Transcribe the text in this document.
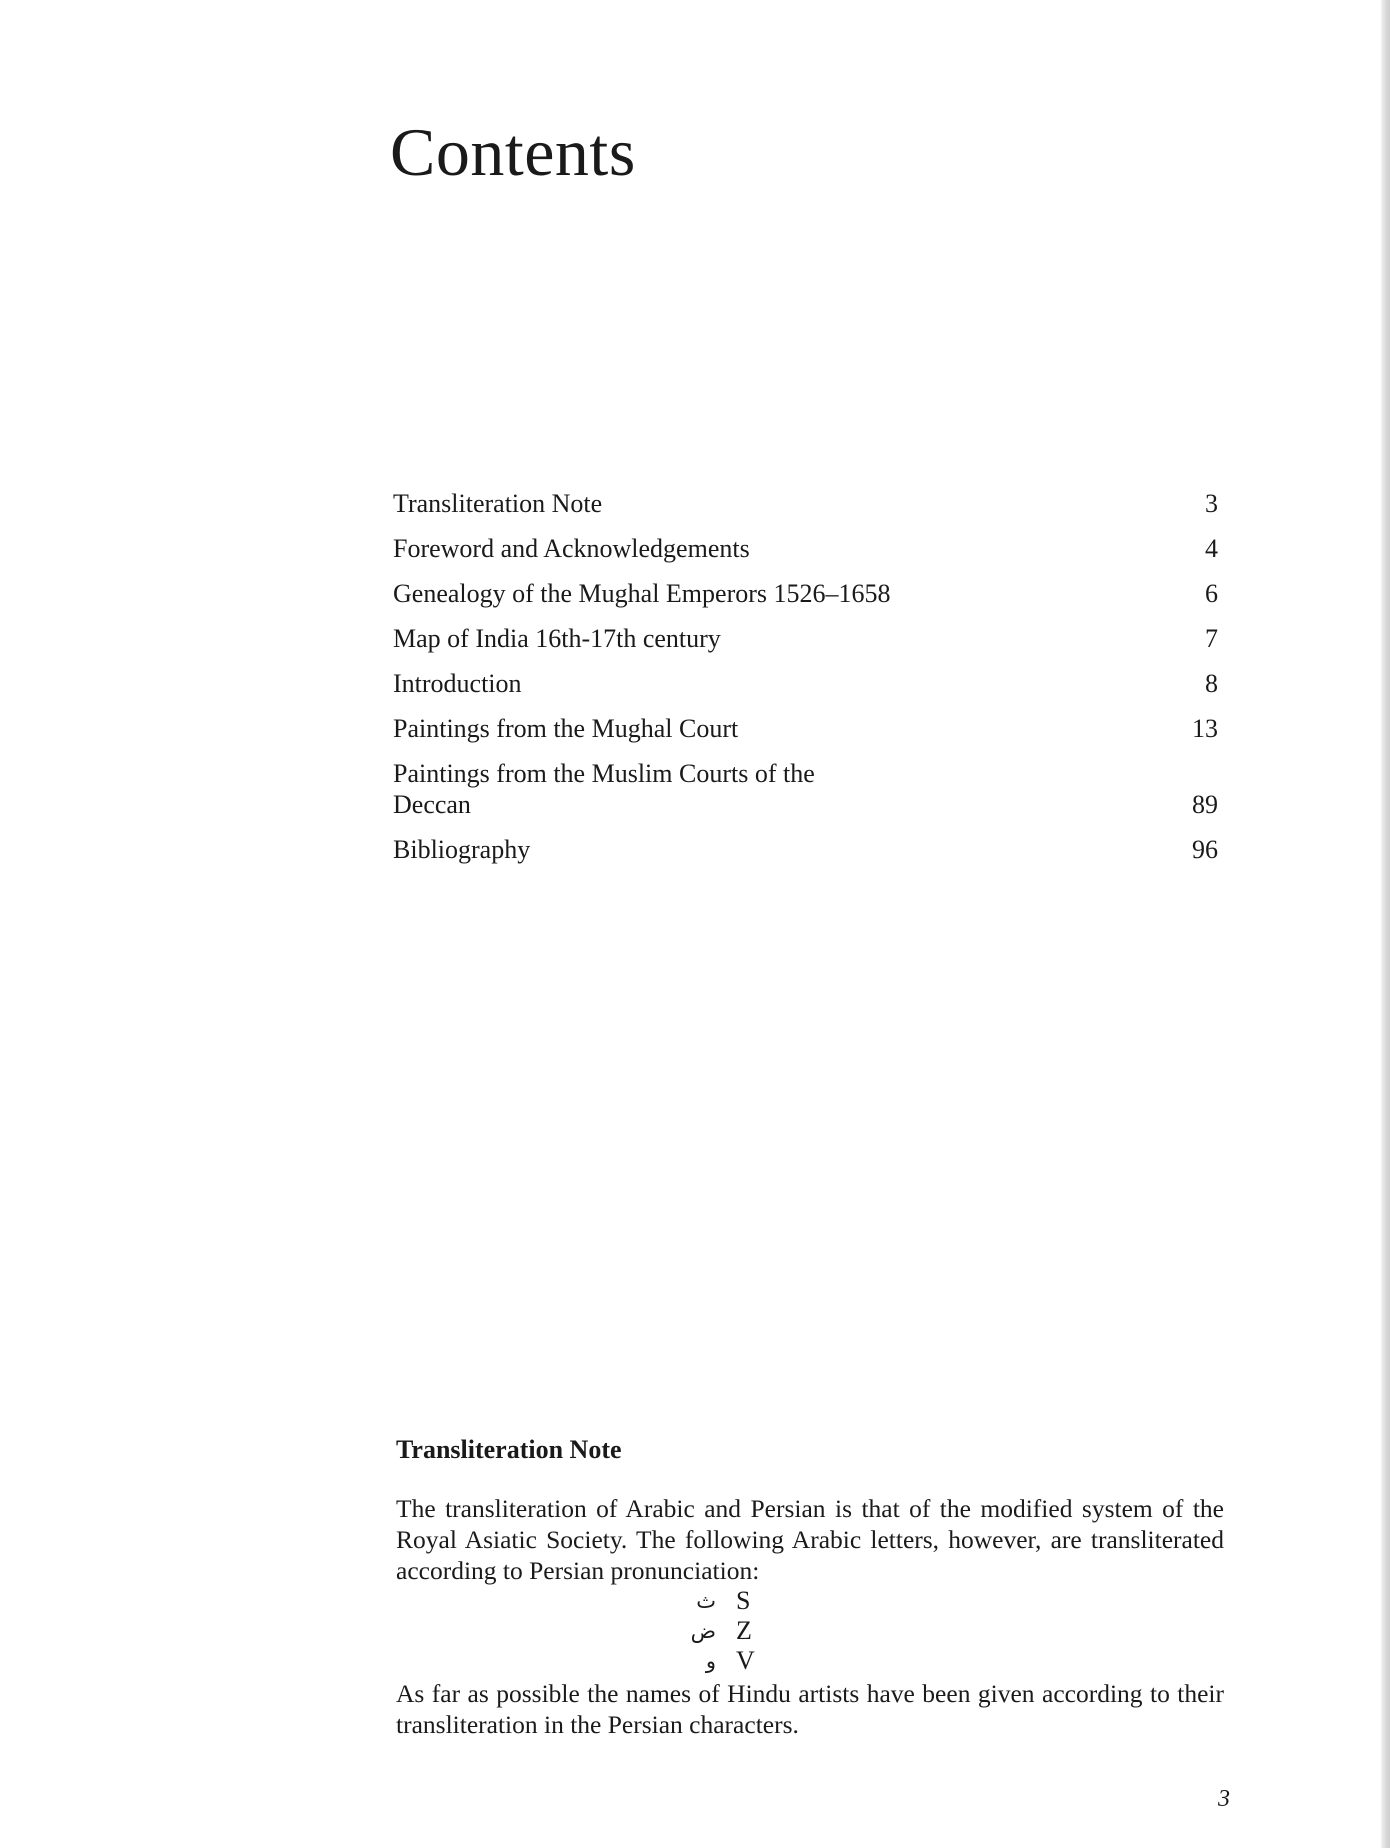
Contents
Transliteration Note	3
Foreword and Acknowledgements	4
Genealogy of the Mughal Emperors 1526–1658	6
Map of India 16th-17th century	7
Introduction	8
Paintings from the Mughal Court	13
Paintings from the Muslim Courts of the Deccan	89
Bibliography	96
Transliteration Note

The transliteration of Arabic and Persian is that of the modified system of the Royal Asiatic Society. The following Arabic letters, however, are transliterated according to Persian pronunciation:

ث S
ض Z
و V

As far as possible the names of Hindu artists have been given according to their transliteration in the Persian characters.

3
